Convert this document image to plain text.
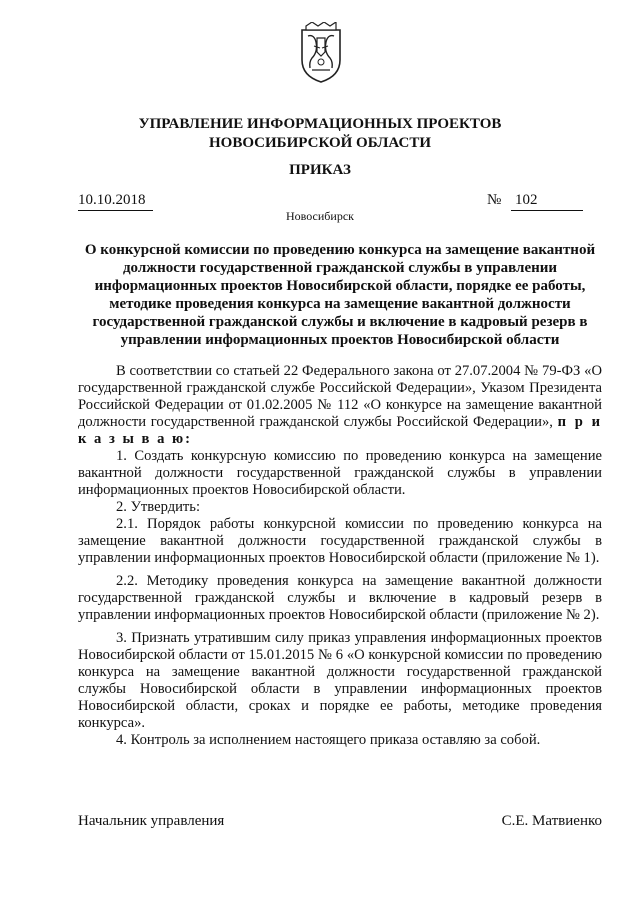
УПРАВЛЕНИЕ ИНФОРМАЦИОННЫХ ПРОЕКТОВ
НОВОСИБИРСКОЙ ОБЛАСТИ
ПРИКАЗ
10.10.2018	№ 102
Новосибирск
О конкурсной комиссии по проведению конкурса на замещение вакантной должности государственной гражданской службы в управлении информационных проектов Новосибирской области, порядке ее работы, методике проведения конкурса на замещение вакантной должности государственной гражданской службы и включение в кадровый резерв в управлении информационных проектов Новосибирской области

В соответствии со статьей 22 Федерального закона от 27.07.2004 № 79-ФЗ «О государственной гражданской службе Российской Федерации», Указом Президента Российской Федерации от 01.02.2005 № 112 «О конкурсе на замещение вакантной должности государственной гражданской службы Российской Федерации», п р и к а з ы в а ю:

1. Создать конкурсную комиссию по проведению конкурса на замещение вакантной должности государственной гражданской службы в управлении информационных проектов Новосибирской области.

2. Утвердить:

2.1. Порядок работы конкурсной комиссии по проведению конкурса на замещение вакантной должности государственной гражданской службы в управлении информационных проектов Новосибирской области (приложение № 1).

2.2. Методику проведения конкурса на замещение вакантной должности государственной гражданской службы и включение в кадровый резерв в управлении информационных проектов Новосибирской области (приложение № 2).

3. Признать утратившим силу приказ управления информационных проектов Новосибирской области от 15.01.2015 № 6 «О конкурсной комиссии по проведению конкурса на замещение вакантной должности государственной гражданской службы Новосибирской области в управлении информационных проектов Новосибирской области, сроках и порядке ее работы, методике проведения конкурса».

4. Контроль за исполнением настоящего приказа оставляю за собой.

Начальник управления	С.Е. Матвиенко
